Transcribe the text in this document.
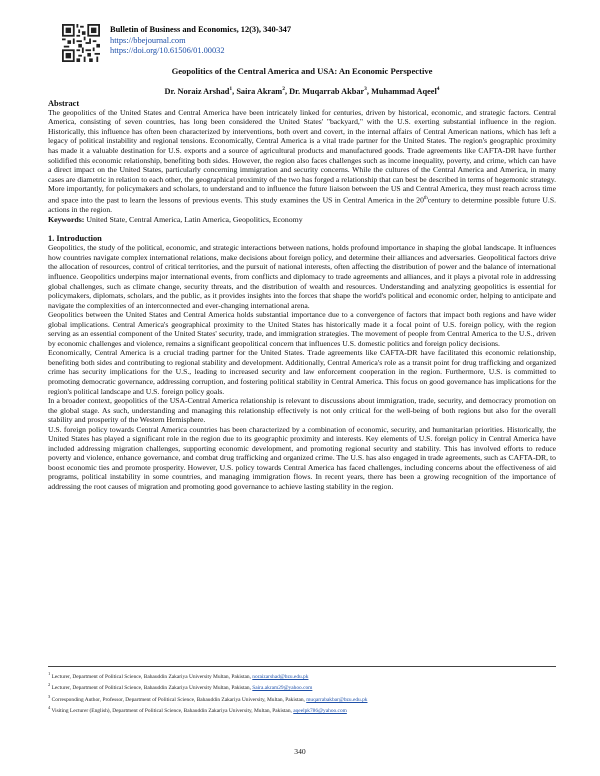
Bulletin of Business and Economics, 12(3), 340-347
https://bbejournal.com
https://doi.org/10.61506/01.00032
Geopolitics of the Central America and USA: An Economic Perspective
Dr. Noraiz Arshad$^1$, Saira Akram$^2$, Dr. Muqarrab Akbar$^3$, Muhammad Aqeel$^4$
Abstract

The geopolitics of the United States and Central America have been intricately linked for centuries, driven by historical, economic, and strategic factors. Central America, consisting of seven countries, has long been considered the United States' "backyard," with the U.S. exerting substantial influence in the region. Historically, this influence has often been characterized by interventions, both overt and covert, in the internal affairs of Central American nations, which has left a legacy of political instability and regional tensions. Economically, Central America is a vital trade partner for the United States. The region's geographic proximity has made it a valuable destination for U.S. exports and a source of agricultural products and manufactured goods. Trade agreements like CAFTA-DR have further solidified this economic relationship, benefiting both sides. However, the region also faces challenges such as income inequality, poverty, and crime, which can have a direct impact on the United States, particularly concerning immigration and security concerns. While the cultures of the Central America and America, in many cases are diametric in relation to each other, the geographical proximity of the two has forged a relationship that can best be described in terms of hegemonic strategy. More importantly, for policymakers and scholars, to understand and to influence the future liaison between the US and Central America, they must reach across time and space into the past to learn the lessons of previous events. This study examines the US in Central America in the 20thcentury to determine possible future U.S. actions in the region.

Keywords: United State, Central America, Latin America, Geopolitics, Economy
1. Introduction

Geopolitics, the study of the political, economic, and strategic interactions between nations, holds profound importance in shaping the global landscape. It influences how countries navigate complex international relations, make decisions about foreign policy, and determine their alliances and adversaries. Geopolitical factors drive the allocation of resources, control of critical territories, and the pursuit of national interests, often affecting the distribution of power and the balance of international influence. Geopolitics underpins major international events, from conflicts and diplomacy to trade agreements and alliances, and it plays a pivotal role in addressing global challenges, such as climate change, security threats, and the distribution of wealth and resources. Understanding and analyzing geopolitics is essential for policymakers, diplomats, scholars, and the public, as it provides insights into the forces that shape the world's political and economic order, helping to anticipate and navigate the complexities of an interconnected and ever-changing international arena.

Geopolitics between the United States and Central America holds substantial importance due to a convergence of factors that impact both regions and have wider global implications. Central America's geographical proximity to the United States has historically made it a focal point of U.S. foreign policy, with the region serving as an essential component of the United States' security, trade, and immigration strategies. The movement of people from Central America to the U.S., driven by economic challenges and violence, remains a significant geopolitical concern that influences U.S. domestic politics and foreign policy decisions.

Economically, Central America is a crucial trading partner for the United States. Trade agreements like CAFTA-DR have facilitated this economic relationship, benefiting both sides and contributing to regional stability and development. Additionally, Central America's role as a transit point for drug trafficking and organized crime has security implications for the U.S., leading to increased security and law enforcement cooperation in the region. Furthermore, U.S. is committed to promoting democratic governance, addressing corruption, and fostering political stability in Central America. This focus on good governance has implications for the region's political landscape and U.S. foreign policy goals.

In a broader context, geopolitics of the USA-Central America relationship is relevant to discussions about immigration, trade, security, and democracy promotion on the global stage. As such, understanding and managing this relationship effectively is not only critical for the well-being of both regions but also for the overall stability and prosperity of the Western Hemisphere.

U.S. foreign policy towards Central America countries has been characterized by a combination of economic, security, and humanitarian priorities. Historically, the United States has played a significant role in the region due to its geographic proximity and interests. Key elements of U.S. foreign policy in Central America have included addressing migration challenges, supporting economic development, and promoting regional security and stability. This has involved efforts to reduce poverty and violence, enhance governance, and combat drug trafficking and organized crime. The U.S. has also engaged in trade agreements, such as CAFTA-DR, to boost economic ties and promote prosperity. However, U.S. policy towards Central America has faced challenges, including concerns about the effectiveness of aid programs, political instability in some countries, and managing immigration flows. In recent years, there has been a growing recognition of the importance of addressing the root causes of migration and promoting good governance to achieve lasting stability in the region.

$^1$ Lecturer, Department of Political Science, Bahauddin Zakariya University Multan, Pakistan, noraizarshad@bzu.edu.pk
$^2$ Lecturer, Department of Political Science, Bahauddin Zakariya University Multan, Pakistan, Saira.akram29@yahoo.com
$^3$ Corresponding Author, Professor, Department of Political Science, Bahauddin Zakariya University, Multan, Pakistan, muqarrabakbar@bzu.edu.pk
$^4$ Visiting Lecturer (English), Department of Political Science, Bahauddin Zakariya University, Multan, Pakistan, aqeelpk786@yahoo.com
340
